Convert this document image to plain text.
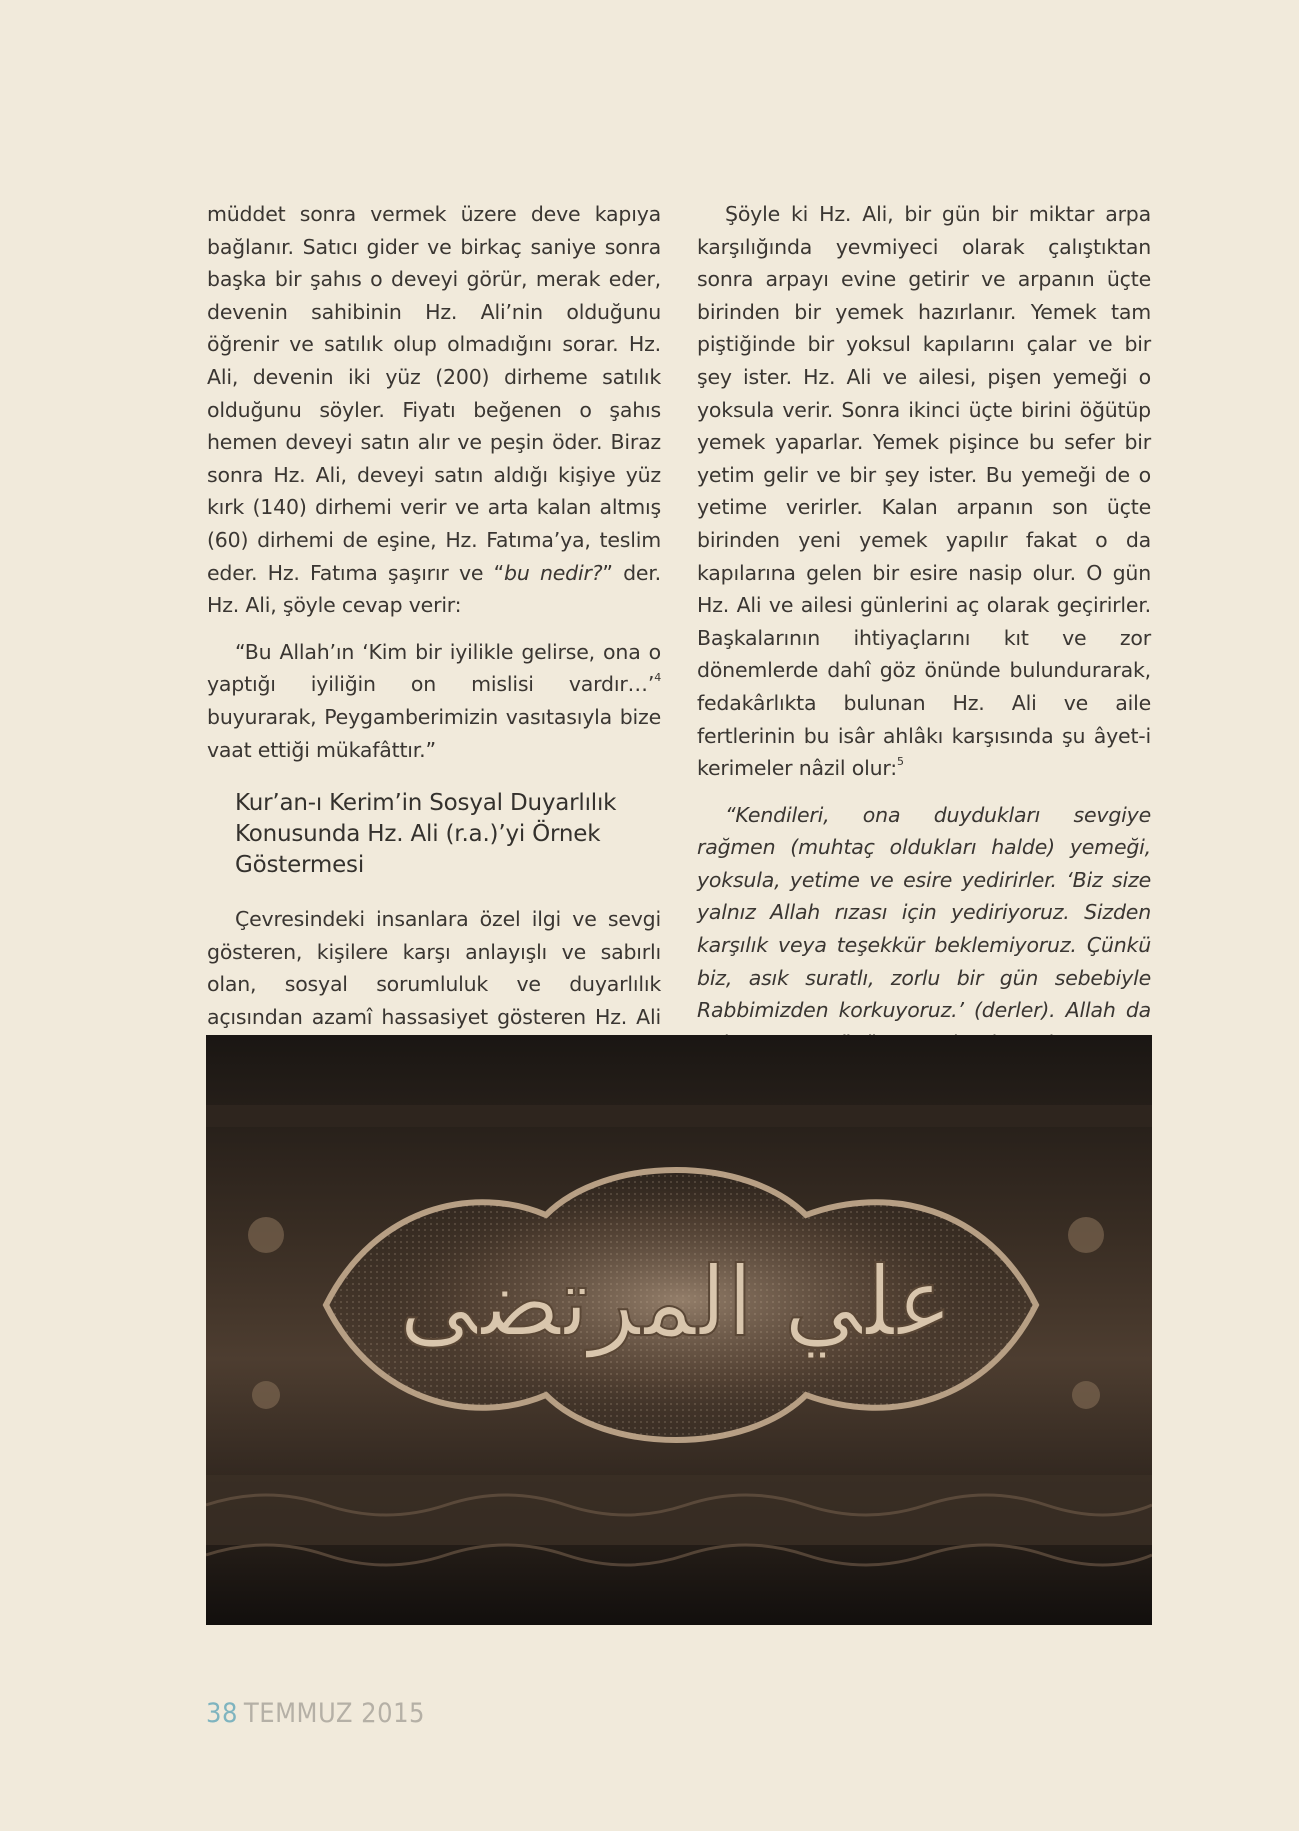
müddet sonra vermek üzere deve kapıya bağlanır. Satıcı gider ve birkaç saniye sonra başka bir şahıs o deveyi görür, merak eder, devenin sahibinin Hz. Ali’nin olduğunu öğrenir ve satılık olup olmadığını sorar. Hz. Ali, devenin iki yüz (200) dirheme satılık olduğunu söyler. Fiyatı beğenen o şahıs hemen deveyi satın alır ve peşin öder. Biraz sonra Hz. Ali, deveyi satın aldığı kişiye yüz kırk (140) dirhemi verir ve arta kalan altmış (60) dirhemi de eşine, Hz. Fatıma’ya, teslim eder. Hz. Fatıma şaşırır ve “bu nedir?” der. Hz. Ali, şöyle cevap verir:

“Bu Allah’ın ‘Kim bir iyilikle gelirse, ona o yaptığı iyiliğin on mislisi vardır…’$^4$ buyurarak, Peygamberimizin vasıtasıyla bize vaat ettiği mükafâttır.”

Kur’an-ı Kerim’in Sosyal Duyarlılık Konusunda Hz. Ali (r.a.)’yi Örnek Göstermesi

Çevresindeki insanlara özel ilgi ve sevgi gösteren, kişilere karşı anlayışlı ve sabırlı olan, sosyal sorumluluk ve duyarlılık açısından azamî hassasiyet gösteren Hz. Ali

Şöyle ki Hz. Ali, bir gün bir miktar arpa karşılığında yevmiyeci olarak çalıştıktan sonra arpayı evine getirir ve arpanın üçte birinden bir yemek hazırlanır. Yemek tam piştiğinde bir yoksul kapılarını çalar ve bir şey ister. Hz. Ali ve ailesi, pişen yemeği o yoksula verir. Sonra ikinci üçte birini öğütüp yemek yaparlar. Yemek pişince bu sefer bir yetim gelir ve bir şey ister. Bu yemeği de o yetime verirler. Kalan arpanın son üçte birinden yeni yemek yapılır fakat o da kapılarına gelen bir esire nasip olur. O gün Hz. Ali ve ailesi günlerini aç olarak geçirirler. Başkalarının ihtiyaçlarını kıt ve zor dönemlerde dahî göz önünde bulundurarak, fedakârlıkta bulunan Hz. Ali ve aile fertlerinin bu isâr ahlâkı karşısında şu âyet-i kerimeler nâzil olur:$^5$

“Kendileri, ona duydukları sevgiye rağmen (muhtaç oldukları halde) yemeği, yoksula, yetime ve esire yedirirler. ‘Biz size yalnız Allah rızası için yediriyoruz. Sizden karşılık veya teşekkür beklemiyoruz. Çünkü biz, asık suratlı, zorlu bir gün sebebiyle Rabbimizden korkuyoruz.’ (derler). Allah da

علي المرتضى
38 TEMMUZ 2015
